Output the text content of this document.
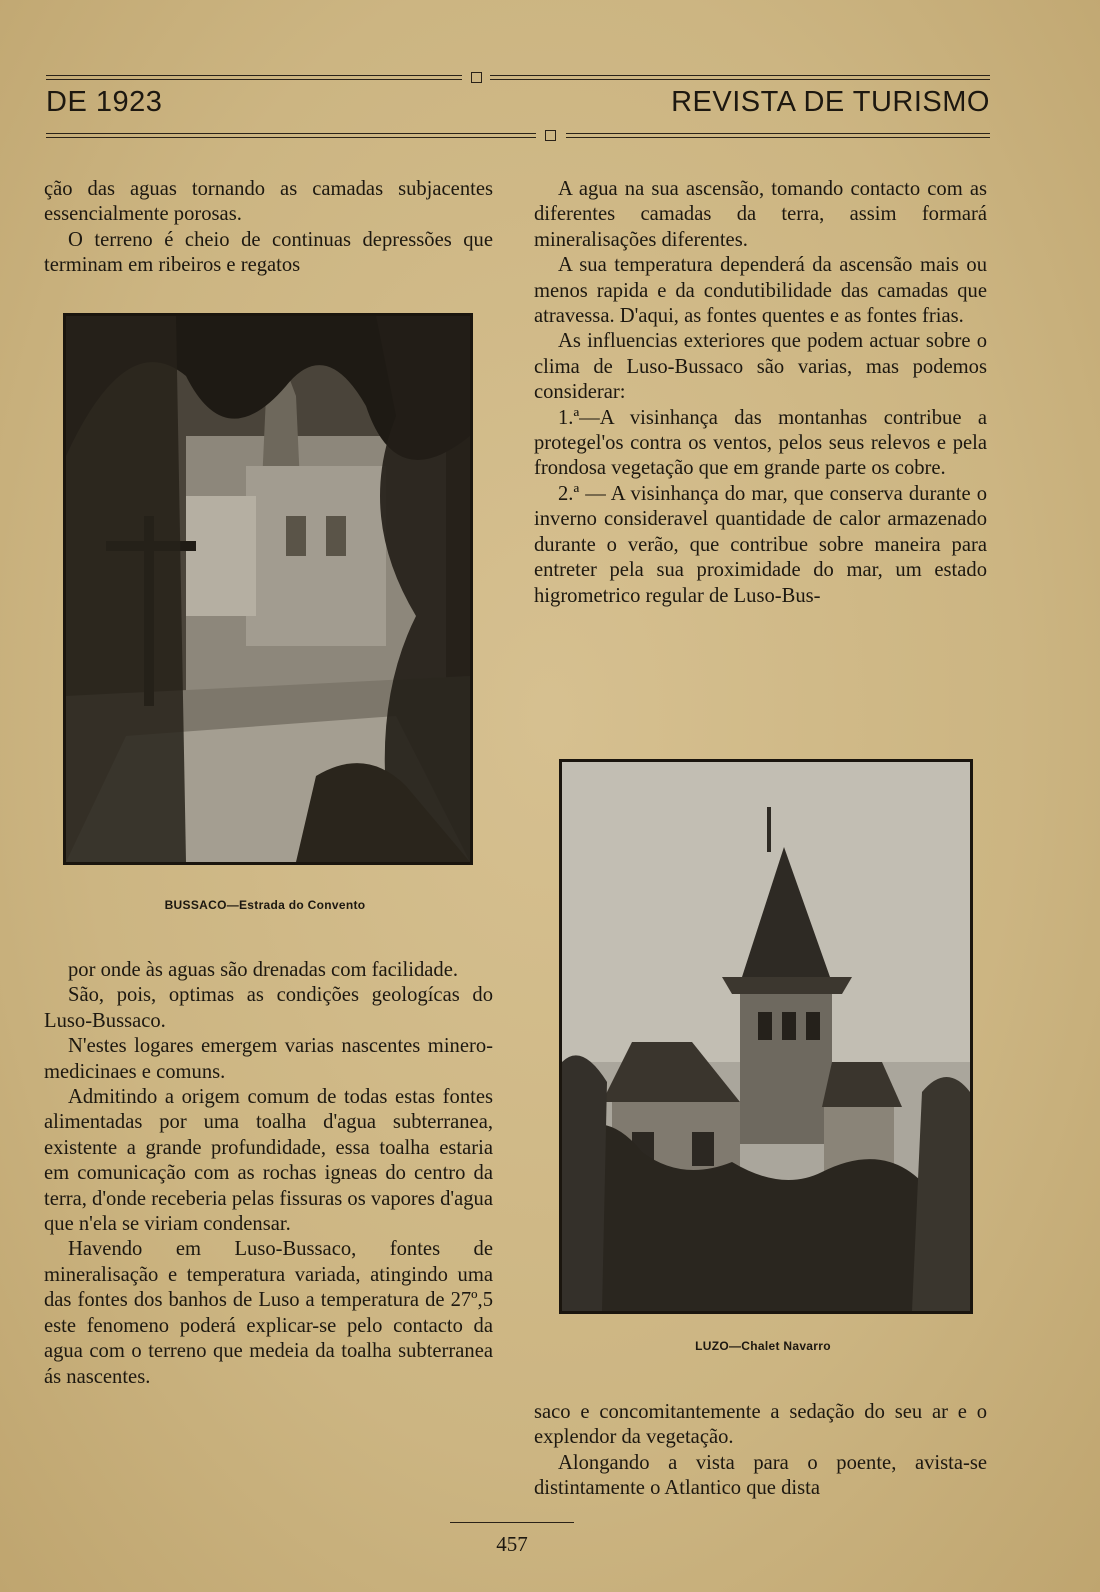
DE 1923	REVISTA DE TURISMO

ção das aguas tornando as camadas subjacentes essencialmente porosas.

O terreno é cheio de continuas depressões que terminam em ribeiros e regatos

BUSSACO—Estrada do Convento

por onde às aguas são drenadas com facilidade.

São, pois, optimas as condições geologícas do Luso-Bussaco.

N'estes logares emergem varias nascentes minero-medicinaes e comuns.

Admitindo a origem comum de todas estas fontes alimentadas por uma toalha d'agua subterranea, existente a grande profundidade, essa toalha estaria em comunicação com as rochas igneas do centro da terra, d'onde receberia pelas fissuras os vapores d'agua que n'ela se viriam condensar.

Havendo em Luso-Bussaco, fontes de mineralisação e temperatura variada, atingindo uma das fontes dos banhos de Luso a temperatura de 27º,5 este fenomeno poderá explicar-se pelo contacto da agua com o terreno que medeia da toalha subterranea ás nascentes.

A agua na sua ascensão, tomando contacto com as diferentes camadas da terra, assim formará mineralisações diferentes.

A sua temperatura dependerá da ascensão mais ou menos rapida e da condutibilidade das camadas que atravessa. D'aqui, as fontes quentes e as fontes frias.

As influencias exteriores que podem actuar sobre o clima de Luso-Bussaco são varias, mas podemos considerar:

1.ª—A visinhança das montanhas contribue a protegel'os contra os ventos, pelos seus relevos e pela frondosa vegetação que em grande parte os cobre.

2.ª — A visinhança do mar, que conserva durante o inverno consideravel quantidade de calor armazenado durante o verão, que contribue sobre maneira para entreter pela sua proximidade do mar, um estado higrometrico regular de Luso-Bus-

LUZO—Chalet Navarro

saco e concomitantemente a sedação do seu ar e o explendor da vegetação.

Alongando a vista para o poente, avista-se distintamente o Atlantico que dista

457
